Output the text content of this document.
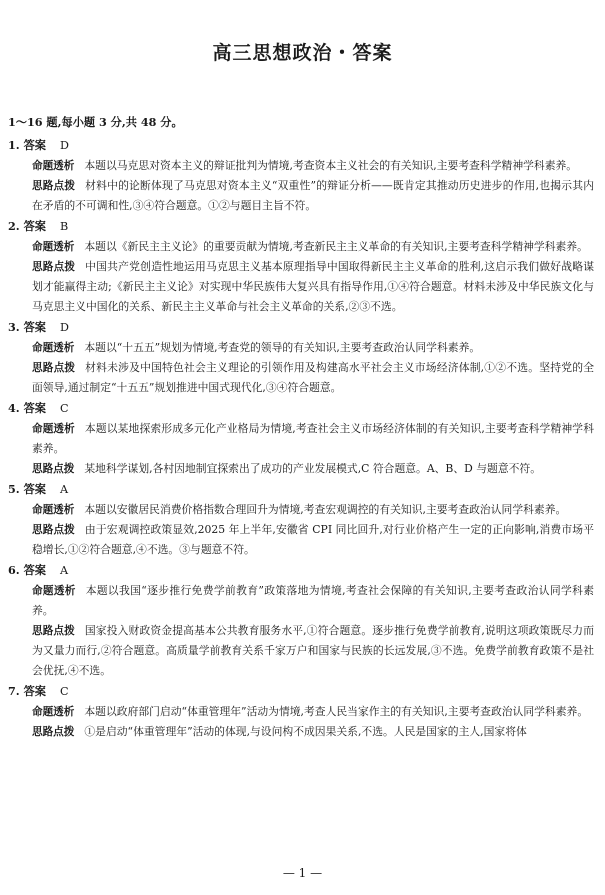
高三思想政治・答案
1～16 题,每小题 3 分,共 48 分。
1. 答案 D

命题透析 本题以马克思对资本主义的辩证批判为情境,考查资本主义社会的有关知识,主要考查科学精神学科素养。

思路点拨 材料中的论断体现了马克思对资本主义“双重性”的辩证分析——既肯定其推动历史进步的作用,也揭示其内在矛盾的不可调和性,③④符合题意。①②与题目主旨不符。

2. 答案 B

命题透析 本题以《新民主主义论》的重要贡献为情境,考查新民主主义革命的有关知识,主要考查科学精神学科素养。

思路点拨 中国共产党创造性地运用马克思主义基本原理指导中国取得新民主主义革命的胜利,这启示我们做好战略谋划才能赢得主动;《新民主主义论》对实现中华民族伟大复兴具有指导作用,①④符合题意。材料未涉及中华民族文化与马克思主义中国化的关系、新民主主义革命与社会主义革命的关系,②③不选。

3. 答案 D

命题透析 本题以“十五五”规划为情境,考查党的领导的有关知识,主要考查政治认同学科素养。

思路点拨 材料未涉及中国特色社会主义理论的引领作用及构建高水平社会主义市场经济体制,①②不选。坚持党的全面领导,通过制定“十五五”规划推进中国式现代化,③④符合题意。

4. 答案 C

命题透析 本题以某地探索形成多元化产业格局为情境,考查社会主义市场经济体制的有关知识,主要考查科学精神学科素养。

思路点拨 某地科学谋划,各村因地制宜探索出了成功的产业发展模式,C 符合题意。A、B、D 与题意不符。

5. 答案 A

命题透析 本题以安徽居民消费价格指数合理回升为情境,考查宏观调控的有关知识,主要考查政治认同学科素养。

思路点拨 由于宏观调控政策显效,2025 年上半年,安徽省 CPI 同比回升,对行业价格产生一定的正向影响,消费市场平稳增长,①②符合题意,④不选。③与题意不符。

6. 答案 A

命题透析 本题以我国“逐步推行免费学前教育”政策落地为情境,考查社会保障的有关知识,主要考查政治认同学科素养。

思路点拨 国家投入财政资金提高基本公共教育服务水平,①符合题意。逐步推行免费学前教育,说明这项政策既尽力而为又量力而行,②符合题意。高质量学前教育关系千家万户和国家与民族的长远发展,③不选。免费学前教育政策不是社会优抚,④不选。

7. 答案 C

命题透析 本题以政府部门启动“体重管理年”活动为情境,考查人民当家作主的有关知识,主要考查政治认同学科素养。

思路点拨 ①是启动“体重管理年”活动的体现,与设问构不成因果关系,不选。人民是国家的主人,国家将体

— 1 —
